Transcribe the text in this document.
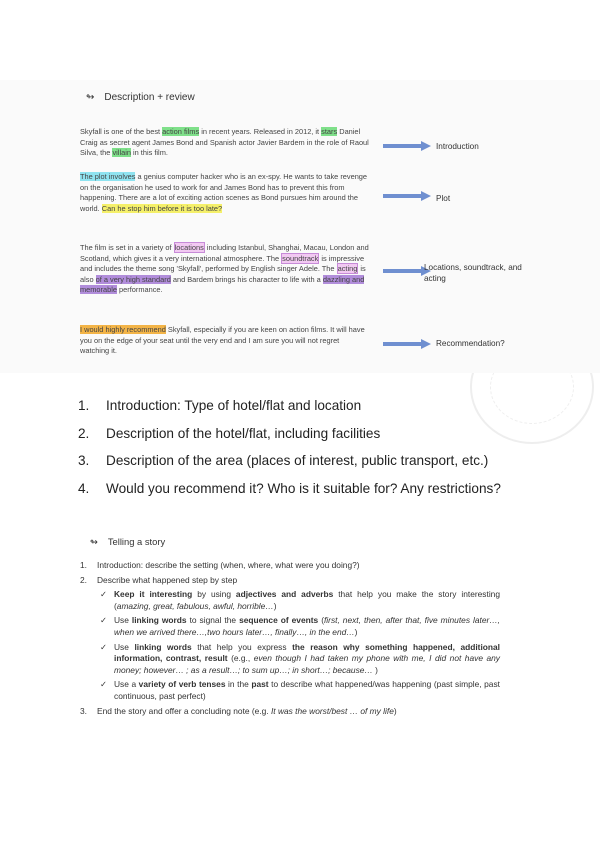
↬ Description + review
Skyfall is one of the best action films in recent years. Released in 2012, it stars Daniel Craig as secret agent James Bond and Spanish actor Javier Bardem in the role of Raoul Silva, the villain in this film.
The plot involves a genius computer hacker who is an ex-spy. He wants to take revenge on the organisation he used to work for and James Bond has to prevent this from happening. There are a lot of exciting action scenes as Bond pursues him around the world. Can he stop him before it is too late?
The film is set in a variety of locations including Istanbul, Shanghai, Macau, London and Scotland, which gives it a very international atmosphere. The soundtrack is impressive and includes the theme song 'Skyfall', performed by English singer Adele. The acting is also of a very high standard and Bardem brings his character to life with a dazzling and memorable performance.
I would highly recommend Skyfall, especially if you are keen on action films. It will have you on the edge of your seat until the very end and I am sure you will not regret watching it.
Introduction
Plot
Locations, soundtrack, and acting
Recommendation?
1.	Introduction: Type of hotel/flat and location
2.	Description of the hotel/flat, including facilities
3.	Description of the area (places of interest, public transport, etc.)
4.	Would you recommend it? Who is it suitable for? Any restrictions?
↬ Telling a story
1.	Introduction: describe the setting (when, where, what were you doing?)
2.	Describe what happened step by step
✓ Keep it interesting by using adjectives and adverbs that help you make the story interesting (amazing, great, fabulous, awful, horrible…)
✓ Use linking words to signal the sequence of events (first, next, then, after that, five minutes later…, when we arrived there…,two hours later…, finally…, in the end…)
✓ Use linking words that help you express the reason why something happened, additional information, contrast, result (e.g., even though I had taken my phone with me, I did not have any money; however… ; as a result…; to sum up…; in short…; because… )
✓ Use a variety of verb tenses in the past to describe what happened/was happening (past simple, past continuous, past perfect)
3.	End the story and offer a concluding note (e.g. It was the worst/best … of my life)
